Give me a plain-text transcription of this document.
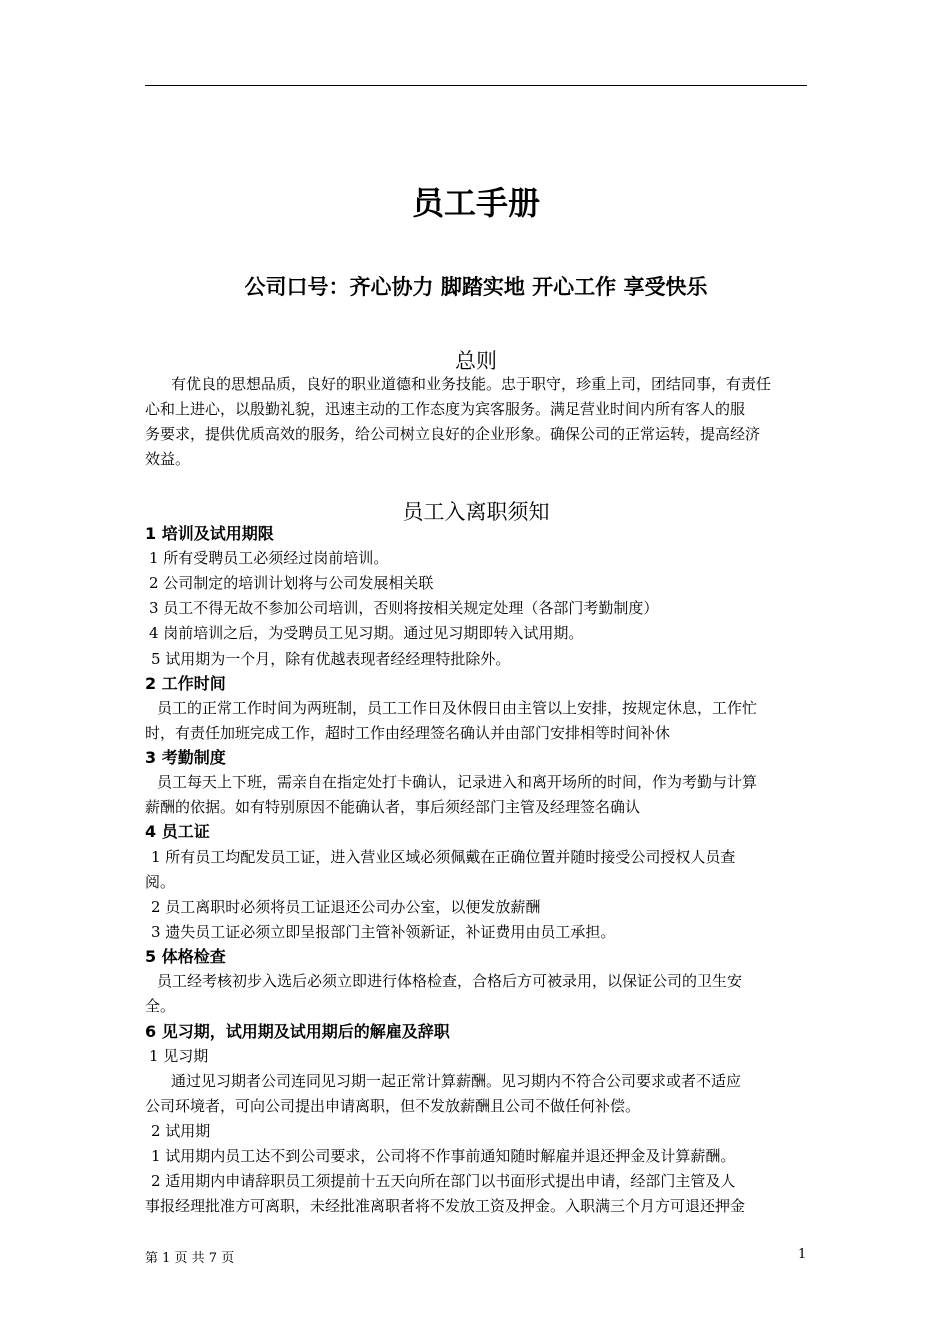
员工手册
公司口号：齐心协力 脚踏实地 开心工作 享受快乐
总则
有优良的思想品质，良好的职业道德和业务技能。忠于职守，珍重上司，团结同事，有责任
心和上进心，以殷勤礼貌，迅速主动的工作态度为宾客服务。满足营业时间内所有客人的服
务要求，提供优质高效的服务，给公司树立良好的企业形象。确保公司的正常运转，提高经济
效益。
员工入离职须知
1 培训及试用期限
1 所有受聘员工必须经过岗前培训。
2 公司制定的培训计划将与公司发展相关联
3 员工不得无故不参加公司培训，否则将按相关规定处理（各部门考勤制度）
4 岗前培训之后，为受聘员工见习期。通过见习期即转入试用期。
5 试用期为一个月，除有优越表现者经经理特批除外。
2 工作时间
员工的正常工作时间为两班制，员工工作日及休假日由主管以上安排，按规定休息，工作忙
时，有责任加班完成工作，超时工作由经理签名确认并由部门安排相等时间补休
3 考勤制度
员工每天上下班，需亲自在指定处打卡确认，记录进入和离开场所的时间，作为考勤与计算
薪酬的依据。如有特别原因不能确认者，事后须经部门主管及经理签名确认
4 员工证
1 所有员工均配发员工证，进入营业区域必须佩戴在正确位置并随时接受公司授权人员查
阅。
2 员工离职时必须将员工证退还公司办公室，以便发放薪酬
3 遗失员工证必须立即呈报部门主管补领新证，补证费用由员工承担。
5 体格检查
员工经考核初步入选后必须立即进行体格检查，合格后方可被录用，以保证公司的卫生安
全。
6 见习期，试用期及试用期后的解雇及辞职
1 见习期
通过见习期者公司连同见习期一起正常计算薪酬。见习期内不符合公司要求或者不适应
公司环境者，可向公司提出申请离职，但不发放薪酬且公司不做任何补偿。
2 试用期
1 试用期内员工达不到公司要求，公司将不作事前通知随时解雇并退还押金及计算薪酬。
2 适用期内申请辞职员工须提前十五天向所在部门以书面形式提出申请，经部门主管及人
事报经理批准方可离职，未经批准离职者将不发放工资及押金。入职满三个月方可退还押金
第 1 页 共 7 页	1
